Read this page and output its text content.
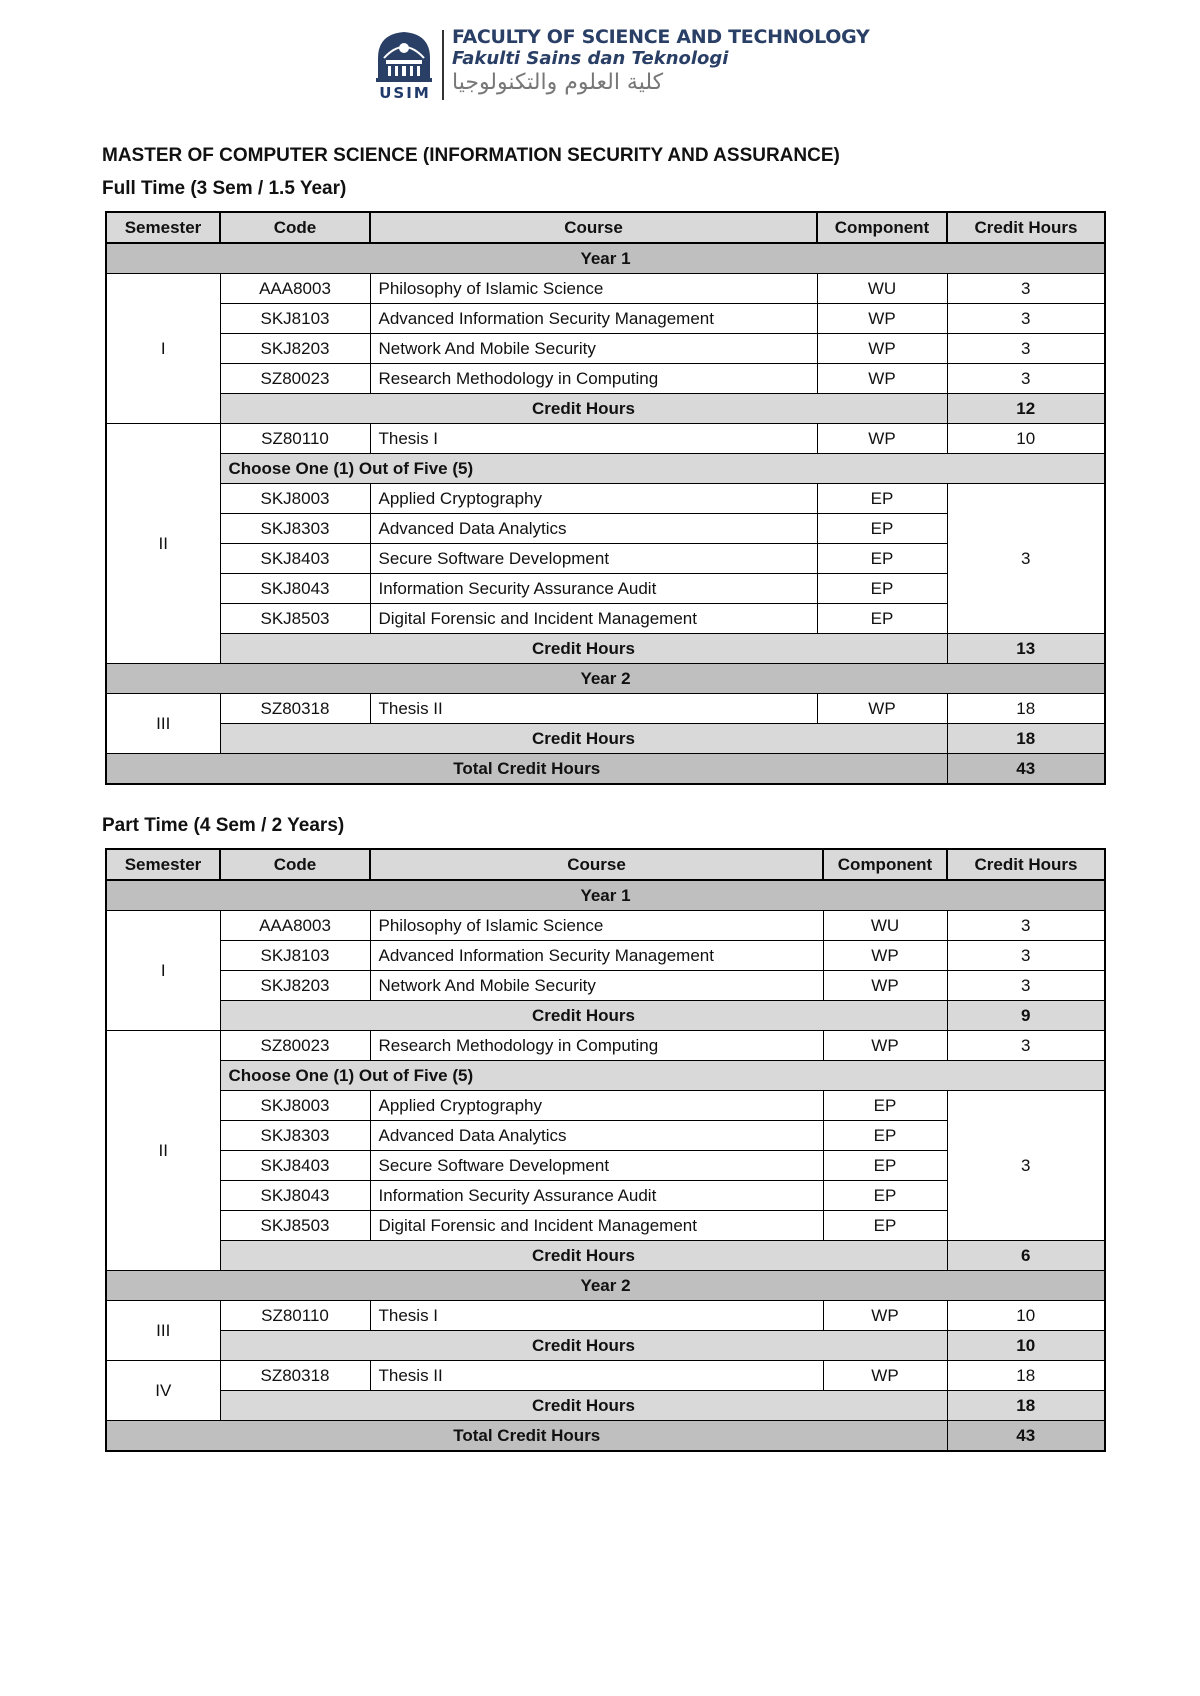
USIM
FACULTY OF SCIENCE AND TECHNOLOGY
Fakulti Sains dan Teknologi
كلية العلوم والتكنولوجيا
MASTER OF COMPUTER SCIENCE (INFORMATION SECURITY AND ASSURANCE)
Full Time (3 Sem / 1.5 Year)
Semester	Code	Course	Component	Credit Hours
Year 1				
I	AAA8003	Philosophy of Islamic Science	WU	3
	SKJ8103	Advanced Information Security Management	WP	3
	SKJ8203	Network And Mobile Security	WP	3
	SZ80023	Research Methodology in Computing	WP	3
	Credit Hours			12
II	SZ80110	Thesis I	WP	10
	Choose One (1) Out of Five (5)			
	SKJ8003	Applied Cryptography	EP	3
	SKJ8303	Advanced Data Analytics	EP	
	SKJ8403	Secure Software Development	EP	
	SKJ8043	Information Security Assurance Audit	EP	
	SKJ8503	Digital Forensic and Incident Management	EP	
	Credit Hours			13
Year 2				
III	SZ80318	Thesis II	WP	18
	Credit Hours			18
Total Credit Hours				43
Part Time (4 Sem / 2 Years)
Semester	Code	Course	Component	Credit Hours
Year 1				
I	AAA8003	Philosophy of Islamic Science	WU	3
	SKJ8103	Advanced Information Security Management	WP	3
	SKJ8203	Network And Mobile Security	WP	3
	Credit Hours			9
II	SZ80023	Research Methodology in Computing	WP	3
	Choose One (1) Out of Five (5)			
	SKJ8003	Applied Cryptography	EP	3
	SKJ8303	Advanced Data Analytics	EP	
	SKJ8403	Secure Software Development	EP	
	SKJ8043	Information Security Assurance Audit	EP	
	SKJ8503	Digital Forensic and Incident Management	EP	
	Credit Hours			6
Year 2				
III	SZ80110	Thesis I	WP	10
	Credit Hours			10
IV	SZ80318	Thesis II	WP	18
	Credit Hours			18
Total Credit Hours				43
